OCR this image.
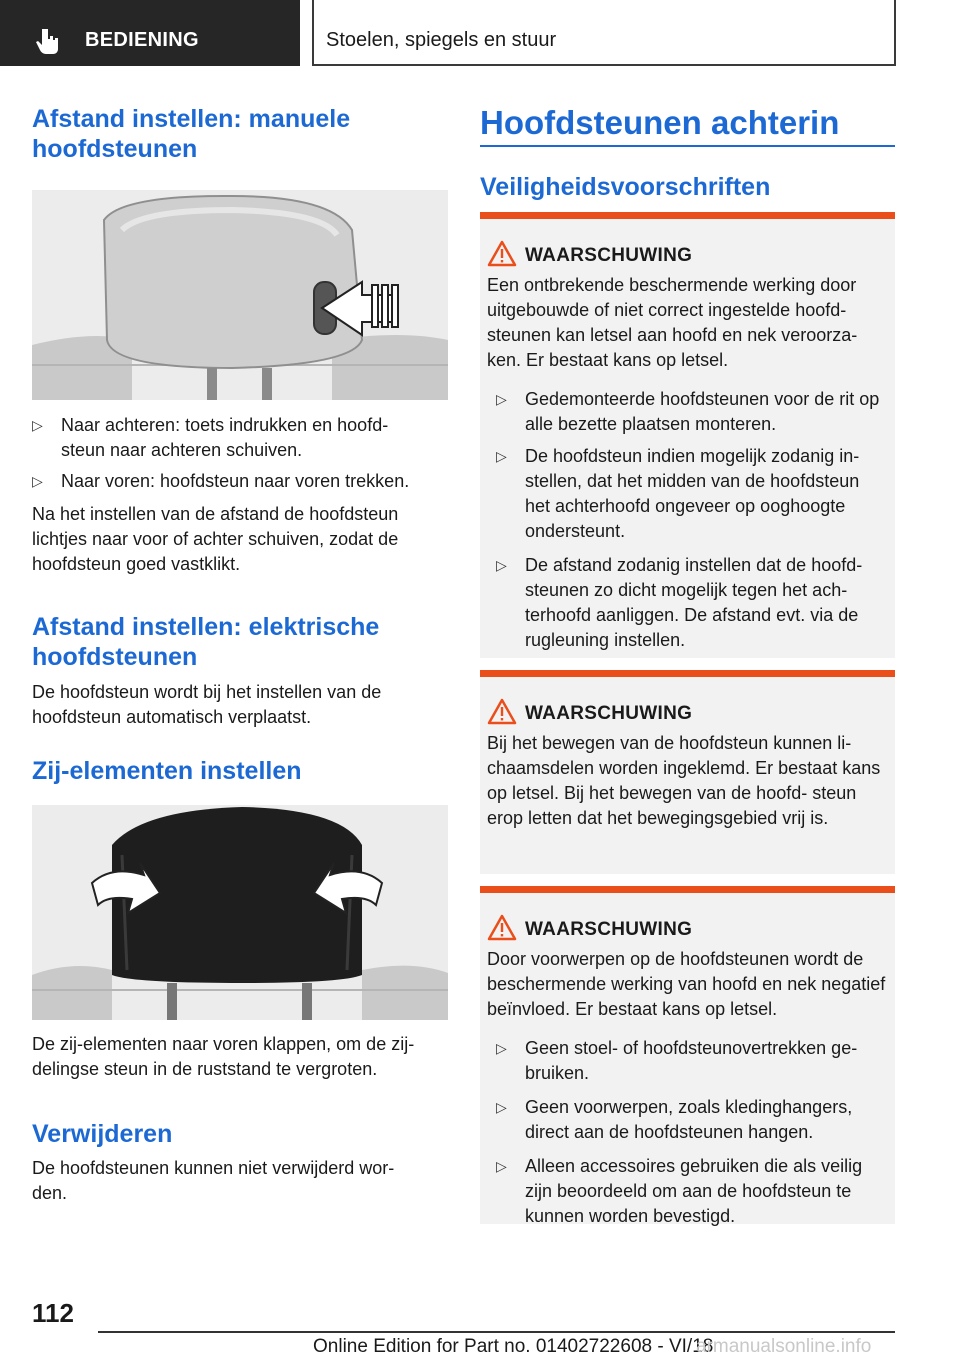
BEDIENING	Stoelen, spiegels en stuur
Afstand instellen: manuele hoofdsteunen
▷ Naar achteren: toets indrukken en hoofd‐ steun naar achteren schuiven.
▷ Naar voren: hoofdsteun naar voren trekken.
Na het instellen van de afstand de hoofdsteun lichtjes naar voor of achter schuiven, zodat de hoofdsteun goed vastklikt.
Afstand instellen: elektrische hoofdsteunen
De hoofdsteun wordt bij het instellen van de hoofdsteun automatisch verplaatst.
Zij-elementen instellen
De zij-elementen naar voren klappen, om de zij‐ delingse steun in de ruststand te vergroten.
Verwijderen
De hoofdsteunen kunnen niet verwijderd wor‐ den.
Hoofdsteunen achterin
Veiligheidsvoorschriften
WAARSCHUWING
Een ontbrekende beschermende werking door uitgebouwde of niet correct ingestelde hoofd‐ steunen kan letsel aan hoofd en nek veroorza‐ ken. Er bestaat kans op letsel.
▷ Gedemonteerde hoofdsteunen voor de rit op alle bezette plaatsen monteren.
▷ De hoofdsteun indien mogelijk zodanig in‐ stellen, dat het midden van de hoofdsteun het achterhoofd ongeveer op ooghoogte ondersteunt.
▷ De afstand zodanig instellen dat de hoofd‐ steunen zo dicht mogelijk tegen het ach‐ terhoofd aanliggen. De afstand evt. via de rugleuning instellen.
WAARSCHUWING
Bij het bewegen van de hoofdsteun kunnen li‐ chaamsdelen worden ingeklemd. Er bestaat kans op letsel. Bij het bewegen van de hoofd‐ steun erop letten dat het bewegingsgebied vrij is.
WAARSCHUWING
Door voorwerpen op de hoofdsteunen wordt de beschermende werking van hoofd en nek negatief beïnvloed. Er bestaat kans op letsel.
▷ Geen stoel- of hoofdsteunovertrekken ge‐ bruiken.
▷ Geen voorwerpen, zoals kledinghangers, direct aan de hoofdsteunen hangen.
▷ Alleen accessoires gebruiken die als veilig zijn beoordeeld om aan de hoofdsteun te kunnen worden bevestigd.
112
Online Edition for Part no. 01402722608 - VI/18
armanualsonline.info
